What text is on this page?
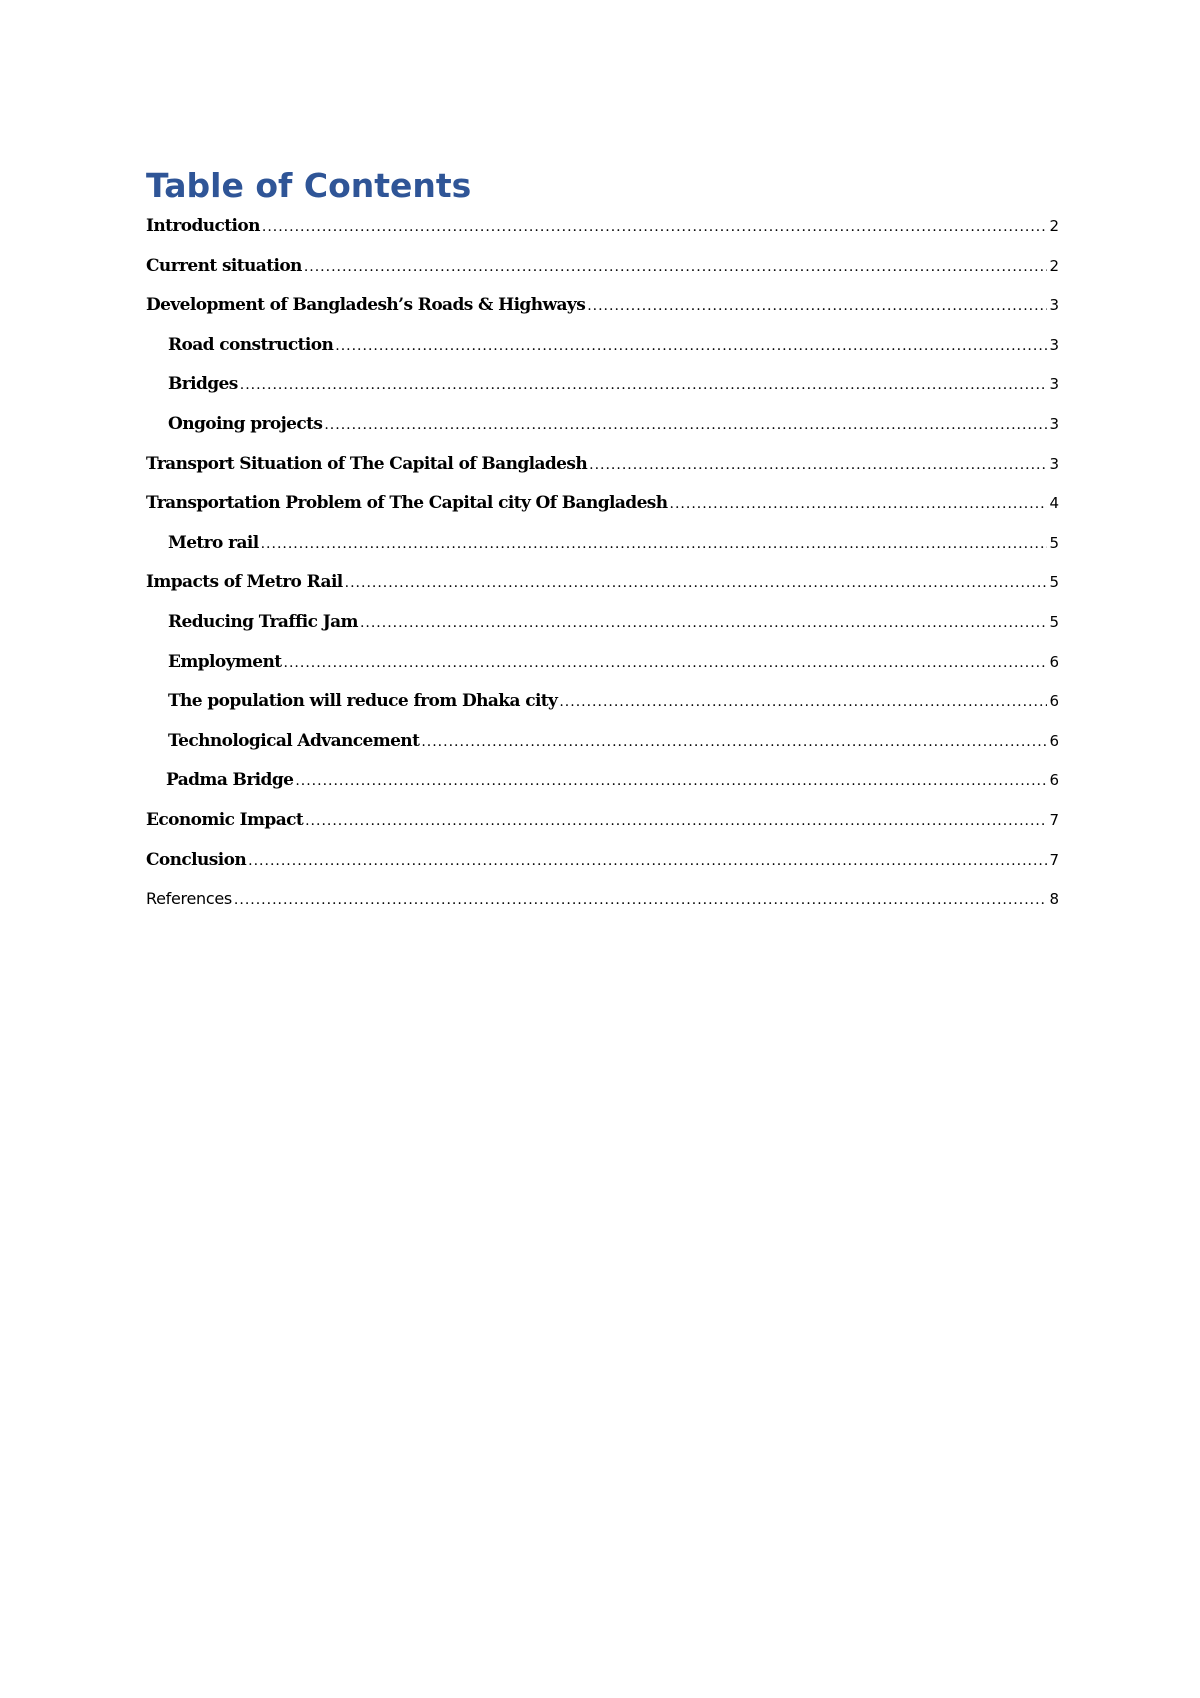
Table of Contents
Introduction .....	2
Current situation .....	2
Development of Bangladesh’s Roads & Highways .....	3
Road construction .....	3
Bridges .....	3
Ongoing projects .....	3
Transport Situation of The Capital of Bangladesh .....	3
Transportation Problem of The Capital city Of Bangladesh .....	4
Metro rail .....	5
Impacts of Metro Rail .....	5
Reducing Traffic Jam .....	5
Employment .....	6
The population will reduce from Dhaka city .....	6
Technological Advancement .....	6
Padma Bridge .....	6
Economic Impact .....	7
Conclusion .....	7
References .....	8
